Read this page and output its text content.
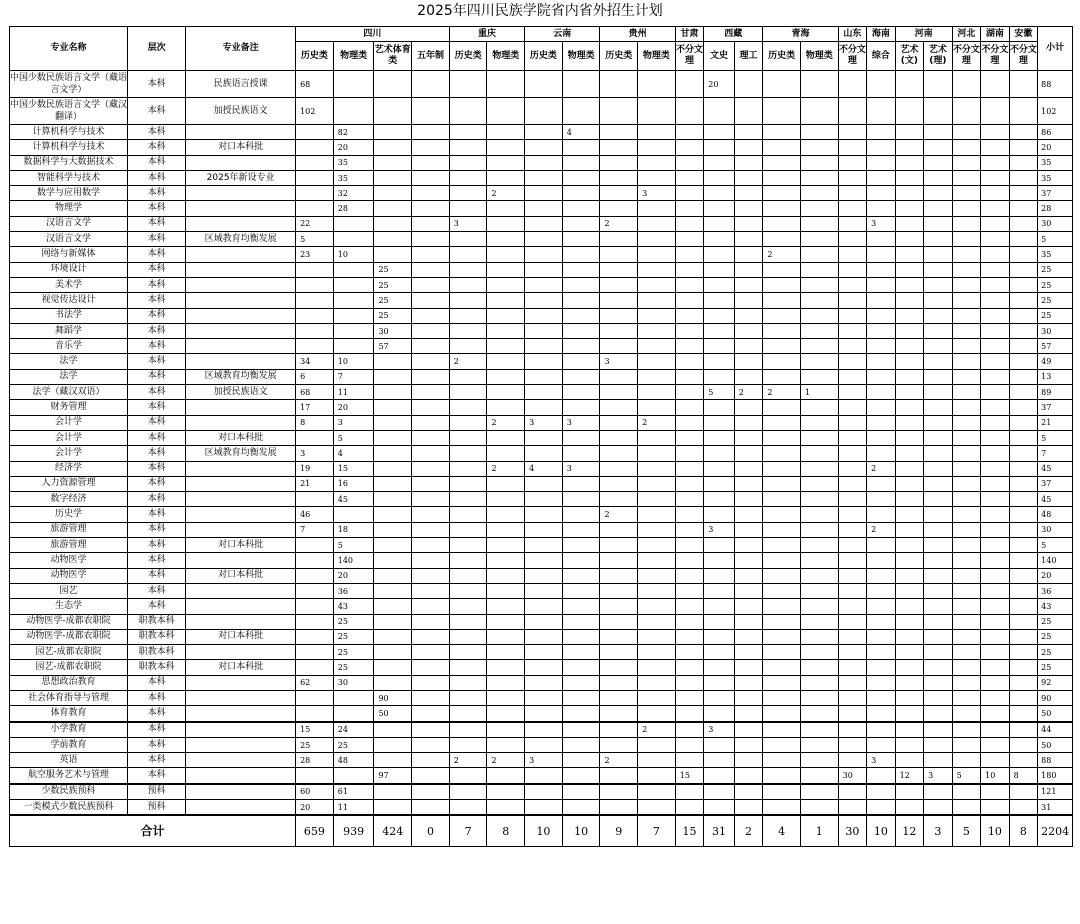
2025年四川民族学院省内省外招生计划
专业名称	层次	专业备注	四川				重庆		云南		贵州		甘肃	西藏		青海		山东	海南	河南		河北	湖南	安徽	小计
			历史类	物理类	艺术体育类	五年制	历史类	物理类	历史类	物理类	历史类	物理类	不分文理	文史	理工	历史类	物理类	不分文理	综合	艺术(文)	艺术(理)	不分文理	不分文理	不分文理	
中国少数民族语言文学（藏语言文学）	本科	民族语言授课	68											20											88
中国少数民族语言文学（藏汉翻译）	本科	加授民族语文	102																						102
计算机科学与技术	本科			82						4															86
计算机科学与技术	本科	对口本科批		20																					20
数据科学与大数据技术	本科			35																					35
智能科学与技术	本科	2025年新设专业		35																					35
数学与应用数学	本科			32				2				3													37
物理学	本科			28																					28
汉语言文学	本科		22				3				2								3						30
汉语言文学	本科	区域教育均衡发展	5																						5
网络与新媒体	本科		23	10												2									35
环境设计	本科				25																				25
美术学	本科				25																				25
视觉传达设计	本科				25																				25
书法学	本科				25																				25
舞蹈学	本科				30																				30
音乐学	本科				57																				57
法学	本科		34	10			2				3														49
法学	本科	区域教育均衡发展	6	7																					13
法学（藏汉双语）	本科	加授民族语文	68	11										5	2	2	1								89
财务管理	本科		17	20																					37
会计学	本科		8	3				2	3	3		2													21
会计学	本科	对口本科批		5																					5
会计学	本科	区域教育均衡发展	3	4																					7
经济学	本科		19	15				2	4	3									2						45
人力资源管理	本科		21	16																					37
数字经济	本科			45																					45
历史学	本科		46								2														48
旅游管理	本科		7	18										3					2						30
旅游管理	本科	对口本科批		5																					5
动物医学	本科			140																					140
动物医学	本科	对口本科批		20																					20
园艺	本科			36																					36
生态学	本科			43																					43
动物医学-成都农职院	职教本科			25																					25
动物医学-成都农职院	职教本科	对口本科批		25																					25
园艺-成都农职院	职教本科			25																					25
园艺-成都农职院	职教本科	对口本科批		25																					25
思想政治教育	本科		62	30																					92
社会体育指导与管理	本科				90																				90
体育教育	本科				50																				50
小学教育	本科		15	24								2		3											44
学前教育	本科		25	25																					50
英语	本科		28	48			2	2	3		2								3						88
航空服务艺术与管理	本科				97								15					30		12	3	5	10	8	180
少数民族预科	预科		60	61																					121
一类模式少数民族预科	预科		20	11																					31
合计			659	939	424	0	7	8	10	10	9	7	15	31	2	4	1	30	10	12	3	5	10	8	2204
